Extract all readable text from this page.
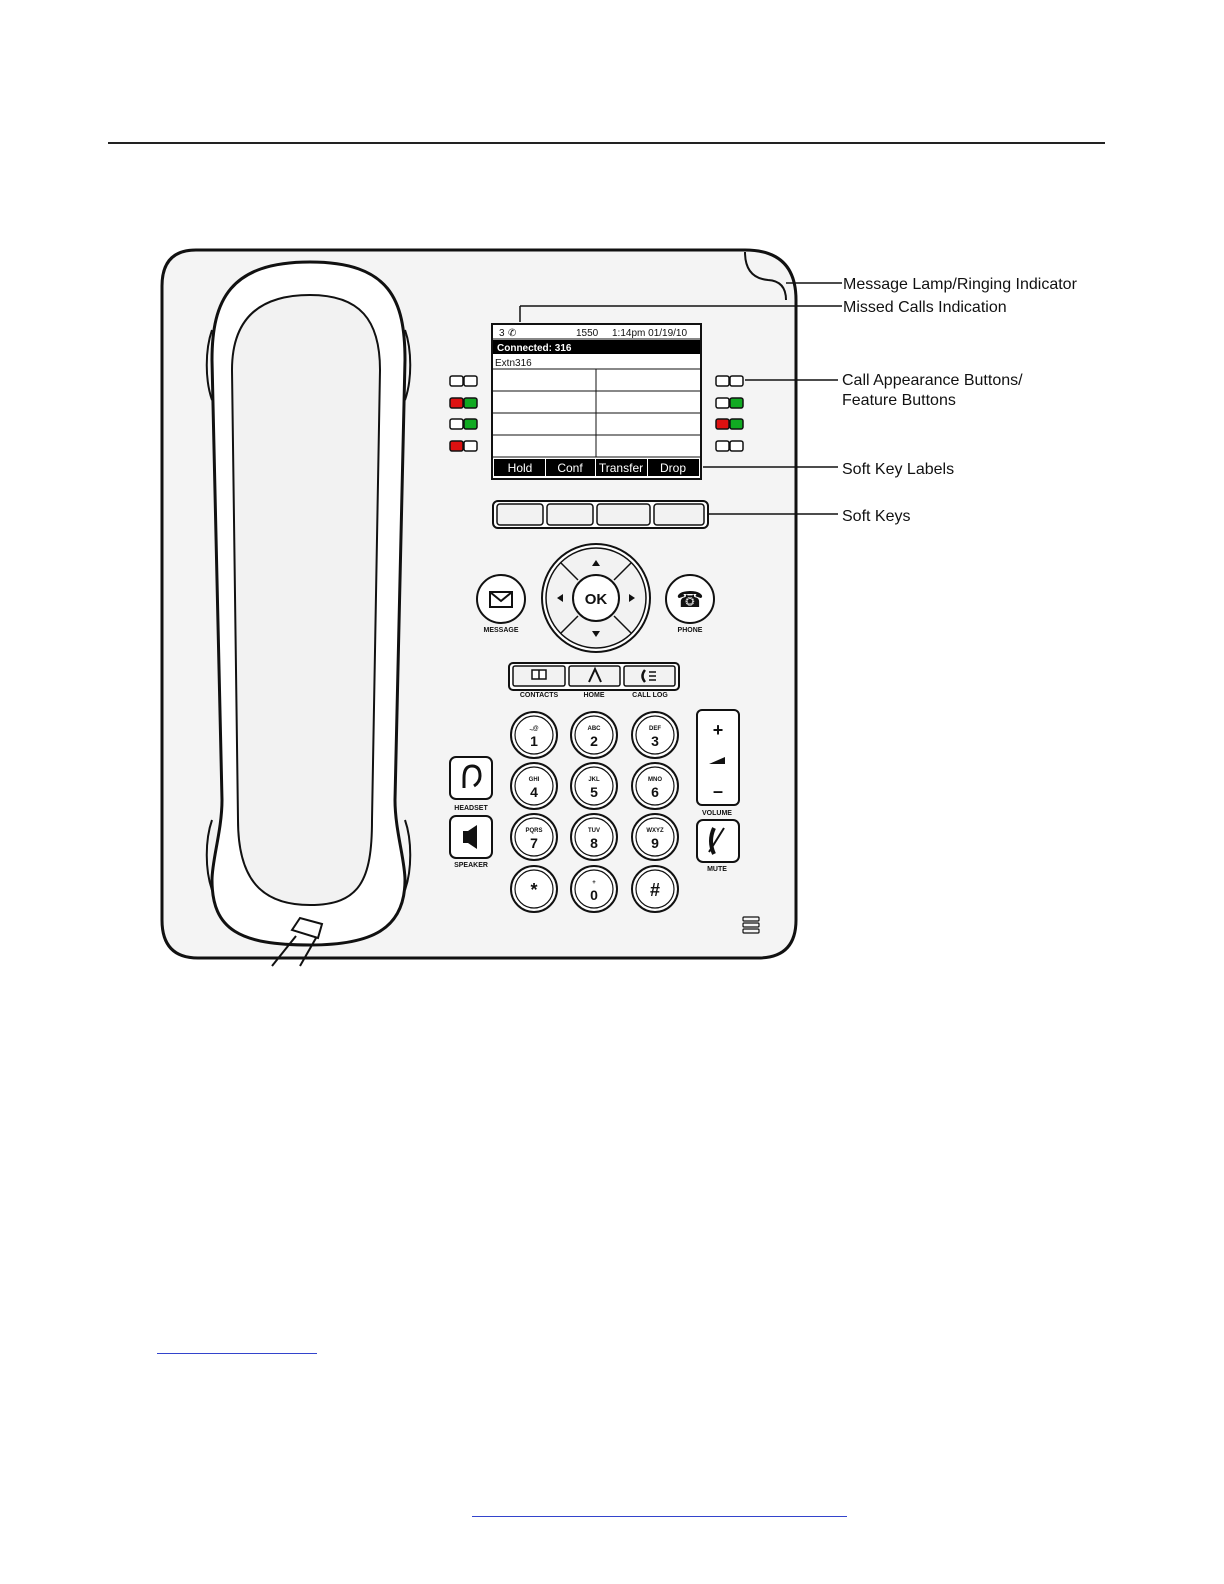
3 ✆	1550 1:14pm 01/19/10
Connected: 316
Extn316
Hold Conf Transfer Drop
OK
MESSAGE
☎
PHONE
CONTACTS	HOME	CALL LOG
.,@
1
ABC
2
DEF
3
GHI
4
JKL
5
MNO
6
PQRS
7
TUV
8
WXYZ
9
*	+
0	#
HEADSET
SPEAKER
+
–
VOLUME
MUTE
Message Lamp/Ringing Indicator
Missed Calls Indication
Call Appearance Buttons/
Feature Buttons
Soft Key Labels
Soft Keys
